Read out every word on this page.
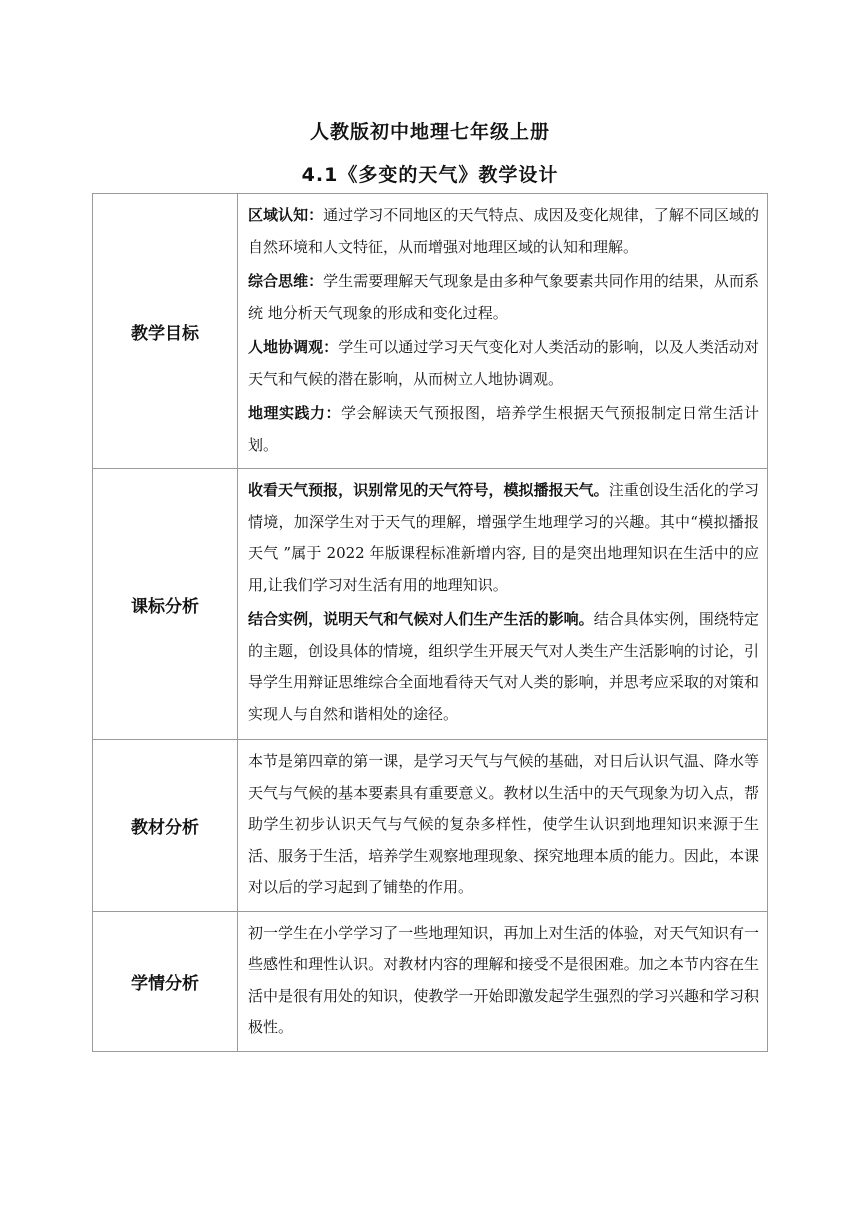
人教版初中地理七年级上册
4.1《多变的天气》教学设计
教学目标	区域认知：通过学习不同地区的天气特点、成因及变化规律，了解不同区域的自然环境和人文特征，从而增强对地理区域的认知和理解。

综合思维：学生需要理解天气现象是由多种气象要素共同作用的结果，从而系统 地分析天气现象的形成和变化过程。

人地协调观：学生可以通过学习天气变化对人类活动的影响，以及人类活动对天气和气候的潜在影响，从而树立人地协调观。

地理实践力：学会解读天气预报图，培养学生根据天气预报制定日常生活计划。

课标分析	收看天气预报，识别常见的天气符号，模拟播报天气。注重创设生活化的学习情境，加深学生对于天气的理解，增强学生地理学习的兴趣。其中“模拟播报天气 ”属于 2022 年版课程标准新增内容, 目的是突出地理知识在生活中的应用,让我们学习对生活有用的地理知识。

结合实例，说明天气和气候对人们生产生活的影响。结合具体实例，围绕特定的主题，创设具体的情境，组织学生开展天气对人类生产生活影响的讨论，引导学生用辩证思维综合全面地看待天气对人类的影响，并思考应采取的对策和实现人与自然和谐相处的途径。

教材分析	本节是第四章的第一课，是学习天气与气候的基础，对日后认识气温、降水等天气与气候的基本要素具有重要意义。教材以生活中的天气现象为切入点，帮助学生初步认识天气与气候的复杂多样性，使学生认识到地理知识来源于生活、服务于生活，培养学生观察地理现象、探究地理本质的能力。因此，本课对以后的学习起到了铺垫的作用。

学情分析	初一学生在小学学习了一些地理知识，再加上对生活的体验，对天气知识有一些感性和理性认识。对教材内容的理解和接受不是很困难。加之本节内容在生活中是很有用处的知识，使教学一开始即激发起学生强烈的学习兴趣和学习积极性。
